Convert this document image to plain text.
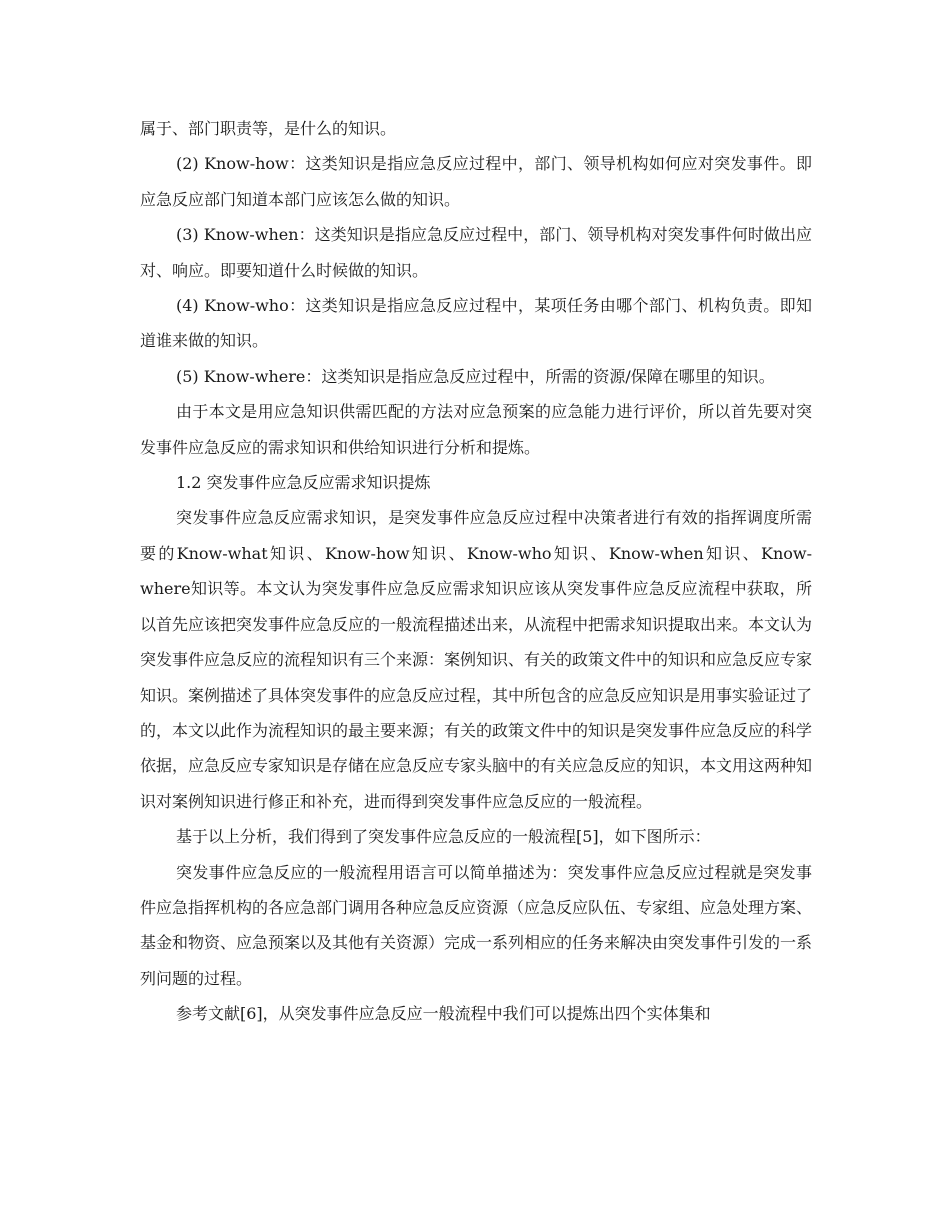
属于、部门职责等，是什么的知识。

(2) Know-how：这类知识是指应急反应过程中，部门、领导机构如何应对突发事件。即应急反应部门知道本部门应该怎么做的知识。

(3) Know-when：这类知识是指应急反应过程中，部门、领导机构对突发事件何时做出应对、响应。即要知道什么时候做的知识。

(4) Know-who：这类知识是指应急反应过程中，某项任务由哪个部门、机构负责。即知道谁来做的知识。

(5) Know-where：这类知识是指应急反应过程中，所需的资源/保障在哪里的知识。

由于本文是用应急知识供需匹配的方法对应急预案的应急能力进行评价，所以首先要对突发事件应急反应的需求知识和供给知识进行分析和提炼。

1.2 突发事件应急反应需求知识提炼

突发事件应急反应需求知识，是突发事件应急反应过程中决策者进行有效的指挥调度所需要的Know-what知识、Know-how知识、Know-who知识、Know-when知识、Know-where知识等。本文认为突发事件应急反应需求知识应该从突发事件应急反应流程中获取，所以首先应该把突发事件应急反应的一般流程描述出来，从流程中把需求知识提取出来。本文认为突发事件应急反应的流程知识有三个来源：案例知识、有关的政策文件中的知识和应急反应专家知识。案例描述了具体突发事件的应急反应过程，其中所包含的应急反应知识是用事实验证过了的，本文以此作为流程知识的最主要来源；有关的政策文件中的知识是突发事件应急反应的科学依据，应急反应专家知识是存储在应急反应专家头脑中的有关应急反应的知识，本文用这两种知识对案例知识进行修正和补充，进而得到突发事件应急反应的一般流程。

基于以上分析，我们得到了突发事件应急反应的一般流程[5]，如下图所示：

突发事件应急反应的一般流程用语言可以简单描述为：突发事件应急反应过程就是突发事件应急指挥机构的各应急部门调用各种应急反应资源（应急反应队伍、专家组、应急处理方案、基金和物资、应急预案以及其他有关资源）完成一系列相应的任务来解决由突发事件引发的一系列问题的过程。

参考文献[6]，从突发事件应急反应一般流程中我们可以提炼出四个实体集和
